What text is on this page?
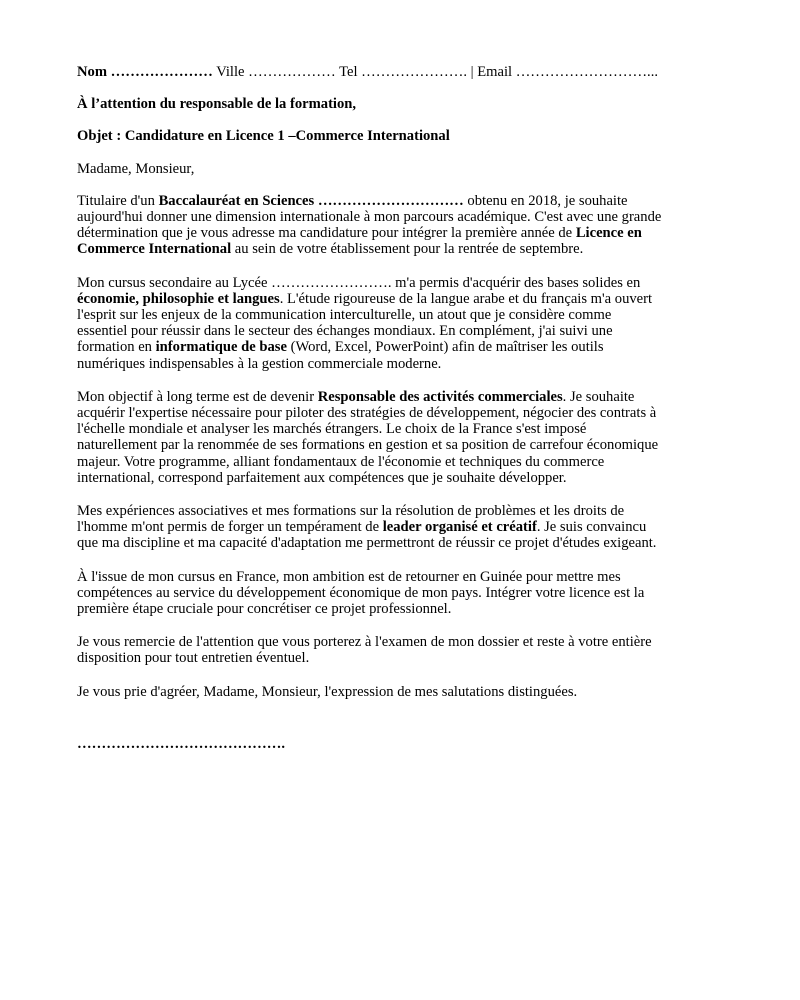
Nom ………………… Ville ……………… Tel …………………. | Email ………………………...

À l’attention du responsable de la formation,

Objet : Candidature en Licence 1 –Commerce International

Madame, Monsieur,

Titulaire d'un Baccalauréat en Sciences ………………………… obtenu en 2018, je souhaite
aujourd'hui donner une dimension internationale à mon parcours académique. C'est avec une grande
détermination que je vous adresse ma candidature pour intégrer la première année de Licence en
Commerce International au sein de votre établissement pour la rentrée de septembre.
Mon cursus secondaire au Lycée ……………………. m'a permis d'acquérir des bases solides en
économie, philosophie et langues. L'étude rigoureuse de la langue arabe et du français m'a ouvert
l'esprit sur les enjeux de la communication interculturelle, un atout que je considère comme
essentiel pour réussir dans le secteur des échanges mondiaux. En complément, j'ai suivi une
formation en informatique de base (Word, Excel, PowerPoint) afin de maîtriser les outils
numériques indispensables à la gestion commerciale moderne.
Mon objectif à long terme est de devenir Responsable des activités commerciales. Je souhaite
acquérir l'expertise nécessaire pour piloter des stratégies de développement, négocier des contrats à
l'échelle mondiale et analyser les marchés étrangers. Le choix de la France s'est imposé
naturellement par la renommée de ses formations en gestion et sa position de carrefour économique
majeur. Votre programme, alliant fondamentaux de l'économie et techniques du commerce
international, correspond parfaitement aux compétences que je souhaite développer.
Mes expériences associatives et mes formations sur la résolution de problèmes et les droits de
l'homme m'ont permis de forger un tempérament de leader organisé et créatif. Je suis convaincu
que ma discipline et ma capacité d'adaptation me permettront de réussir ce projet d'études exigeant.
À l'issue de mon cursus en France, mon ambition est de retourner en Guinée pour mettre mes
compétences au service du développement économique de mon pays. Intégrer votre licence est la
première étape cruciale pour concrétiser ce projet professionnel.
Je vous remercie de l'attention que vous porterez à l'examen de mon dossier et reste à votre entière
disposition pour tout entretien éventuel.

Je vous prie d'agréer, Madame, Monsieur, l'expression de mes salutations distinguées.

…………………………………….
